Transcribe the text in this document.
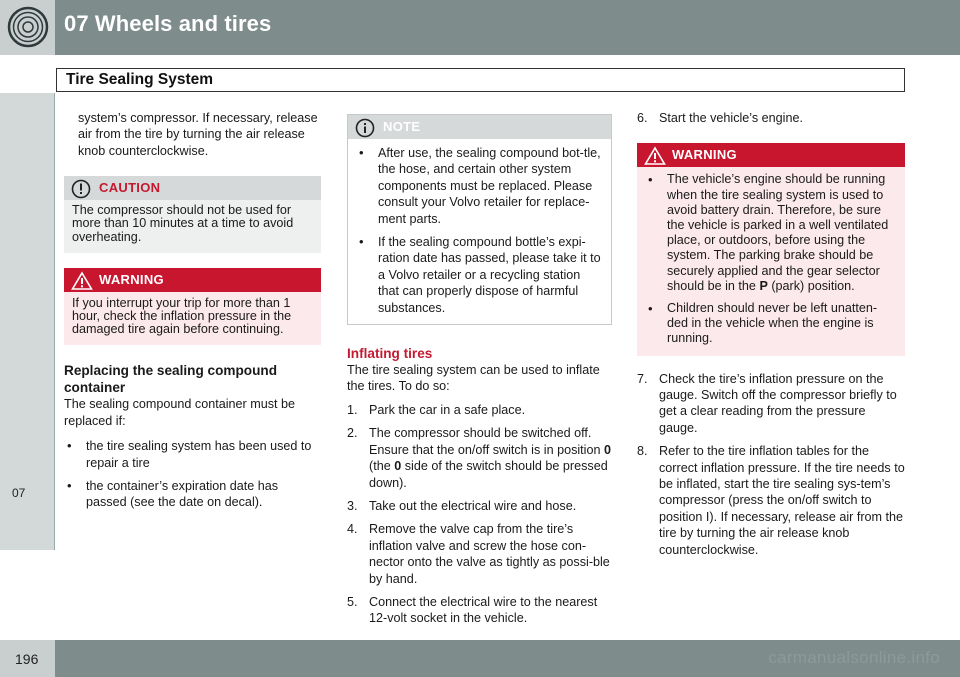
07 Wheels and tires
Tire Sealing System
07

system’s compressor. If necessary, release air from the tire by turning the air release knob counterclockwise.

CAUTION
The compressor should not be used for more than 10 minutes at a time to avoid overheating.
WARNING
If you interrupt your trip for more than 1 hour, check the inflation pressure in the damaged tire again before continuing.
Replacing the sealing compound container

The sealing compound container must be replaced if:

• the tire sealing system has been used to repair a tire
• the container’s expiration date has passed (see the date on decal).
NOTE
• After use, the sealing compound bot-tle, the hose, and certain other system components must be replaced. Please consult your Volvo retailer for replace-ment parts.
• If the sealing compound bottle’s expi-ration date has passed, please take it to a Volvo retailer or a recycling station that can properly dispose of harmful substances.
Inflating tires

The tire sealing system can be used to inflate the tires. To do so:

1. Park the car in a safe place.
2. The compressor should be switched off. Ensure that the on/off switch is in position 0 (the 0 side of the switch should be pressed down).
3. Take out the electrical wire and hose.
4. Remove the valve cap from the tire’s inflation valve and screw the hose con-nector onto the valve as tightly as possi-ble by hand.
5. Connect the electrical wire to the nearest 12-volt socket in the vehicle.
6. Start the vehicle’s engine.
WARNING
• The vehicle’s engine should be running when the tire sealing system is used to avoid battery drain. Therefore, be sure the vehicle is parked in a well ventilated place, or outdoors, before using the system. The parking brake should be securely applied and the gear selector should be in the P (park) position.
• Children should never be left unatten-ded in the vehicle when the engine is running.
7. Check the tire’s inflation pressure on the gauge. Switch off the compressor briefly to get a clear reading from the pressure gauge.
8. Refer to the tire inflation tables for the correct inflation pressure. If the tire needs to be inflated, start the tire sealing sys-tem’s compressor (press the on/off switch to position I). If necessary, release air from the tire by turning the air release knob counterclockwise.
carmanualsonline.info
196
